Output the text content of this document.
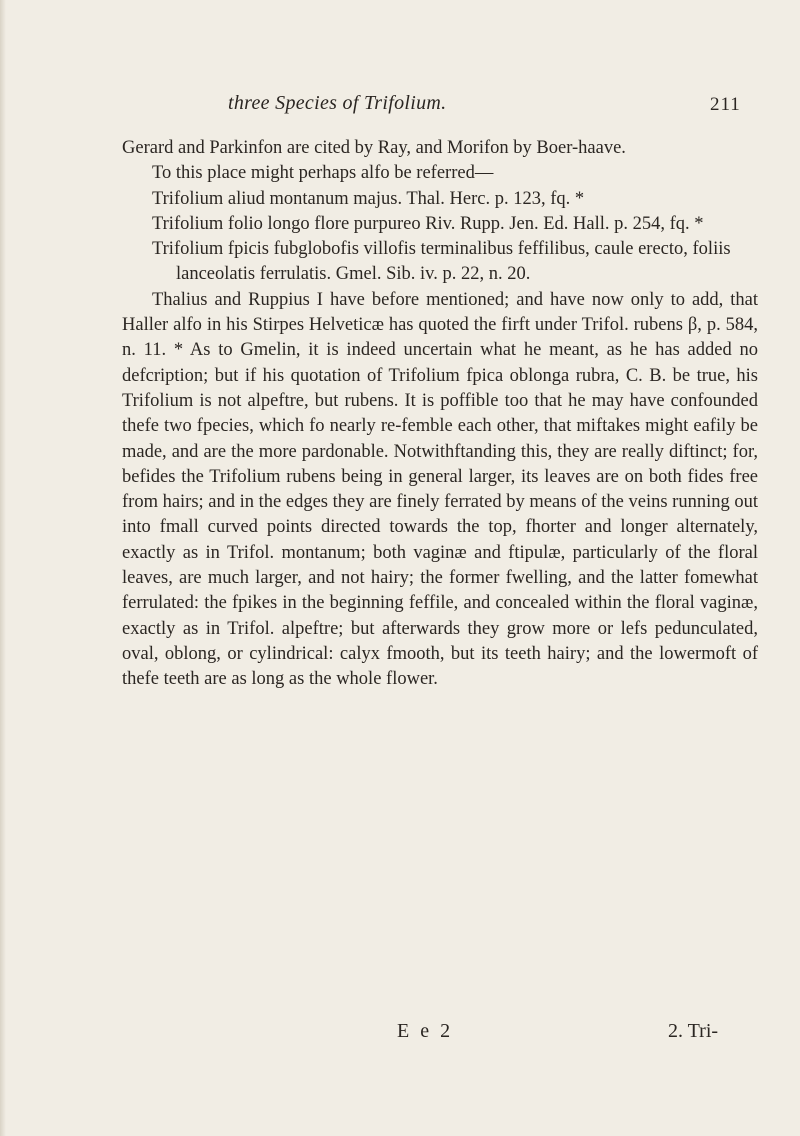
three Species of Trifolium.	211

Gerard and Parkinfon are cited by Ray, and Morifon by Boer-haave.

To this place might perhaps alfo be referred—

Trifolium aliud montanum majus. Thal. Herc. p. 123, fq. *

Trifolium folio longo flore purpureo Riv. Rupp. Jen. Ed. Hall. p. 254, fq. *

Trifolium fpicis fubglobofis villofis terminalibus feffilibus, caule erecto, foliis lanceolatis ferrulatis. Gmel. Sib. iv. p. 22, n. 20.

Thalius and Ruppius I have before mentioned; and have now only to add, that Haller alfo in his Stirpes Helveticæ has quoted the firft under Trifol. rubens β, p. 584, n. 11. * As to Gmelin, it is indeed uncertain what he meant, as he has added no defcription; but if his quotation of Trifolium fpica oblonga rubra, C. B. be true, his Trifolium is not alpeftre, but rubens. It is poffible too that he may have confounded thefe two fpecies, which fo nearly re-femble each other, that miftakes might eafily be made, and are the more pardonable. Notwithftanding this, they are really diftinct; for, befides the Trifolium rubens being in general larger, its leaves are on both fides free from hairs; and in the edges they are finely ferrated by means of the veins running out into fmall curved points directed towards the top, fhorter and longer alternately, exactly as in Trifol. montanum; both vaginæ and ftipulæ, particularly of the floral leaves, are much larger, and not hairy; the former fwelling, and the latter fomewhat ferrulated: the fpikes in the beginning feffile, and concealed within the floral vaginæ, exactly as in Trifol. alpeftre; but afterwards they grow more or lefs pedunculated, oval, oblong, or cylindrical: calyx fmooth, but its teeth hairy; and the lowermoft of thefe teeth are as long as the whole flower.

E e 2	2. Tri-
